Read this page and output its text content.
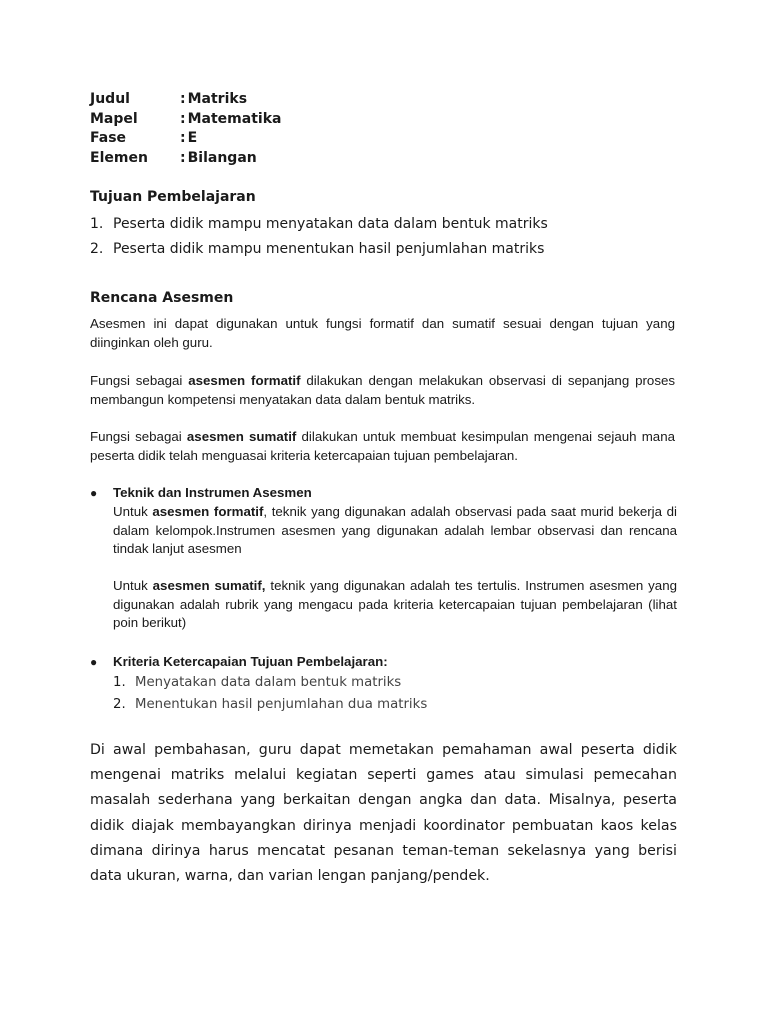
Judul	: Matriks
Mapel	: Matematika
Fase	: E
Elemen	: Bilangan
Tujuan Pembelajaran
1. Peserta didik mampu menyatakan data dalam bentuk matriks
2. Peserta didik mampu menentukan hasil penjumlahan matriks
Rencana Asesmen

Asesmen ini dapat digunakan untuk fungsi formatif dan sumatif sesuai dengan tujuan yang diinginkan oleh guru.

Fungsi sebagai asesmen formatif dilakukan dengan melakukan observasi di sepanjang proses membangun kompetensi menyatakan data dalam bentuk matriks.

Fungsi sebagai asesmen sumatif dilakukan untuk membuat kesimpulan mengenai sejauh mana peserta didik telah menguasai kriteria ketercapaian tujuan pembelajaran.

● Teknik dan Instrumen Asesmen

Untuk asesmen formatif, teknik yang digunakan adalah observasi pada saat murid bekerja di dalam kelompok.Instrumen asesmen yang digunakan adalah lembar observasi dan rencana tindak lanjut asesmen

Untuk asesmen sumatif, teknik yang digunakan adalah tes tertulis. Instrumen asesmen yang digunakan adalah rubrik yang mengacu pada kriteria ketercapaian tujuan pembelajaran (lihat poin berikut)

● Kriteria Ketercapaian Tujuan Pembelajaran:
1. Menyatakan data dalam bentuk matriks
2. Menentukan hasil penjumlahan dua matriks

Di awal pembahasan, guru dapat memetakan pemahaman awal peserta didik mengenai matriks melalui kegiatan seperti games atau simulasi pemecahan masalah sederhana yang berkaitan dengan angka dan data. Misalnya, peserta didik diajak membayangkan dirinya menjadi koordinator pembuatan kaos kelas dimana dirinya harus mencatat pesanan teman-teman sekelasnya yang berisi data ukuran, warna, dan varian lengan panjang/pendek.
